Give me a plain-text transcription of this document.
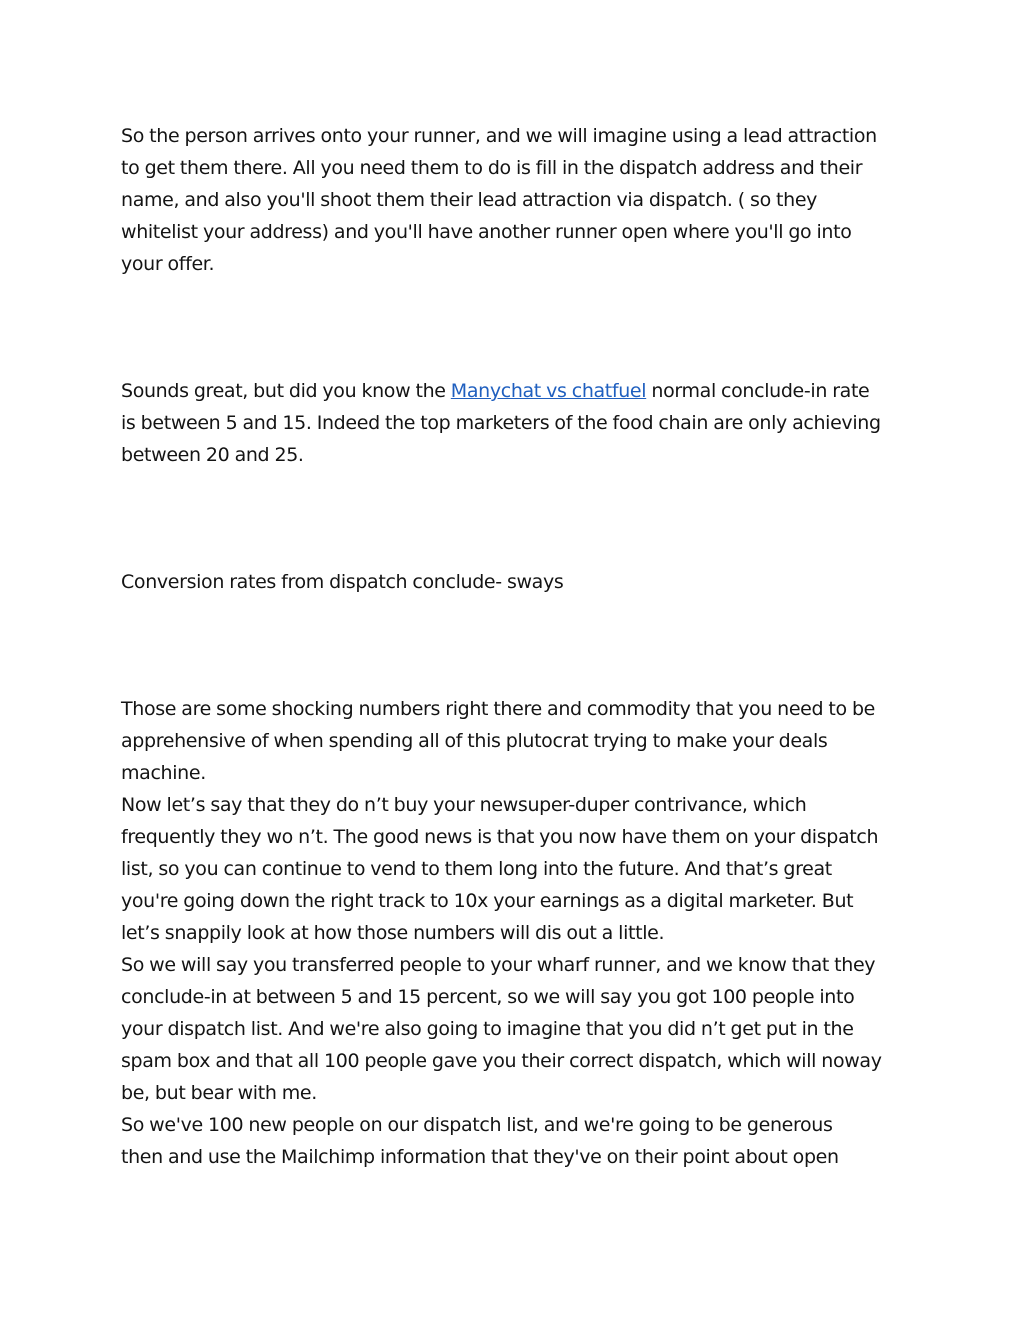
So the person arrives onto your runner, and we will imagine using a lead attraction
to get them there. All you need them to do is fill in the dispatch address and their
name, and also you'll shoot them their lead attraction via dispatch. ( so they
whitelist your address) and you'll have another runner open where you'll go into
your offer.

Sounds great, but did you know the Manychat vs chatfuel normal conclude-in rate
is between 5 and 15. Indeed the top marketers of the food chain are only achieving
between 20 and 25.

Conversion rates from dispatch conclude- sways

Those are some shocking numbers right there and commodity that you need to be
apprehensive of when spending all of this plutocrat trying to make your deals
machine.
Now let’s say that they do n’t buy your newsuper-duper contrivance, which
frequently they wo n’t. The good news is that you now have them on your dispatch
list, so you can continue to vend to them long into the future. And that’s great
you're going down the right track to 10x your earnings as a digital marketer. But
let’s snappily look at how those numbers will dis out a little.
So we will say you transferred people to your wharf runner, and we know that they
conclude-in at between 5 and 15 percent, so we will say you got 100 people into
your dispatch list. And we're also going to imagine that you did n’t get put in the
spam box and that all 100 people gave you their correct dispatch, which will noway
be, but bear with me.
So we've 100 new people on our dispatch list, and we're going to be generous
then and use the Mailchimp information that they've on their point about open
